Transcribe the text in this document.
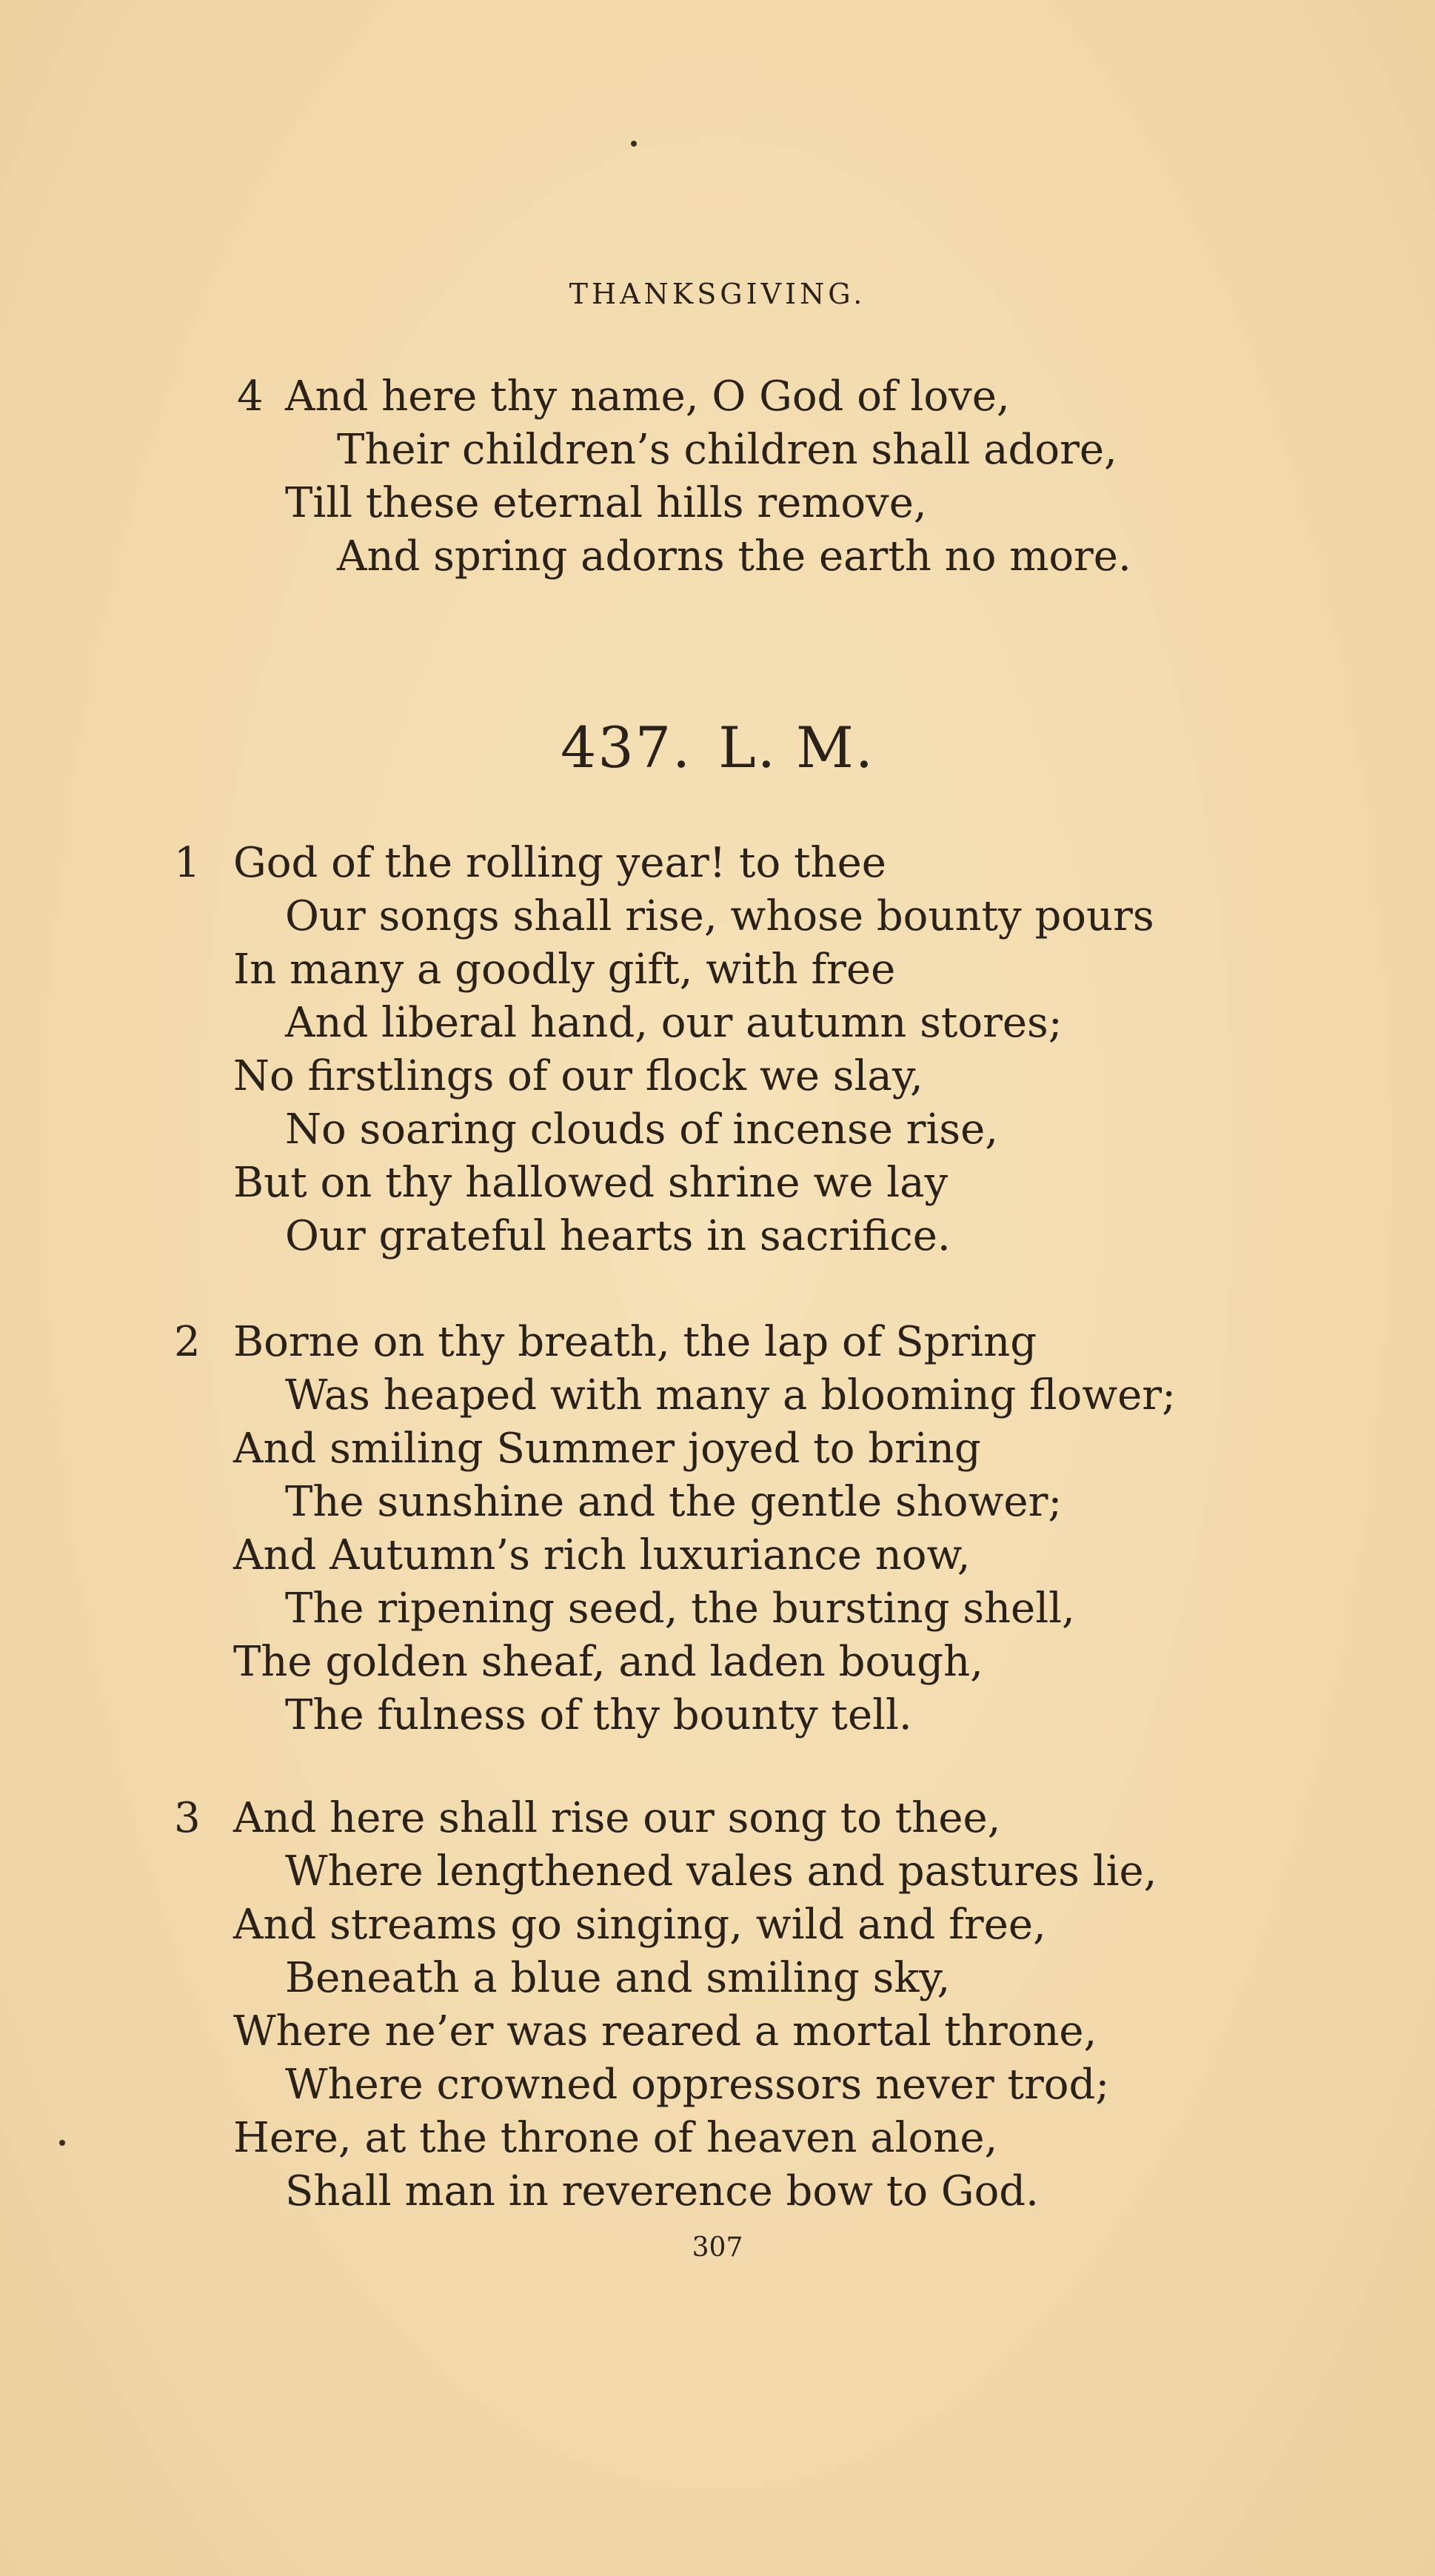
THANKSGIVING.
4 And here thy name, O God of love,
Their children’s children shall adore,
Till these eternal hills remove,
And spring adorns the earth no more.
437. L. M.
1 God of the rolling year! to thee
Our songs shall rise, whose bounty pours
In many a goodly gift, with free
And liberal hand, our autumn stores;
No firstlings of our flock we slay,
No soaring clouds of incense rise,
But on thy hallowed shrine we lay
Our grateful hearts in sacrifice.
2 Borne on thy breath, the lap of Spring
Was heaped with many a blooming flower;
And smiling Summer joyed to bring
The sunshine and the gentle shower;
And Autumn’s rich luxuriance now,
The ripening seed, the bursting shell,
The golden sheaf, and laden bough,
The fulness of thy bounty tell.
3 And here shall rise our song to thee,
Where lengthened vales and pastures lie,
And streams go singing, wild and free,
Beneath a blue and smiling sky,
Where ne’er was reared a mortal throne,
Where crowned oppressors never trod;
Here, at the throne of heaven alone,
Shall man in reverence bow to God.
307
